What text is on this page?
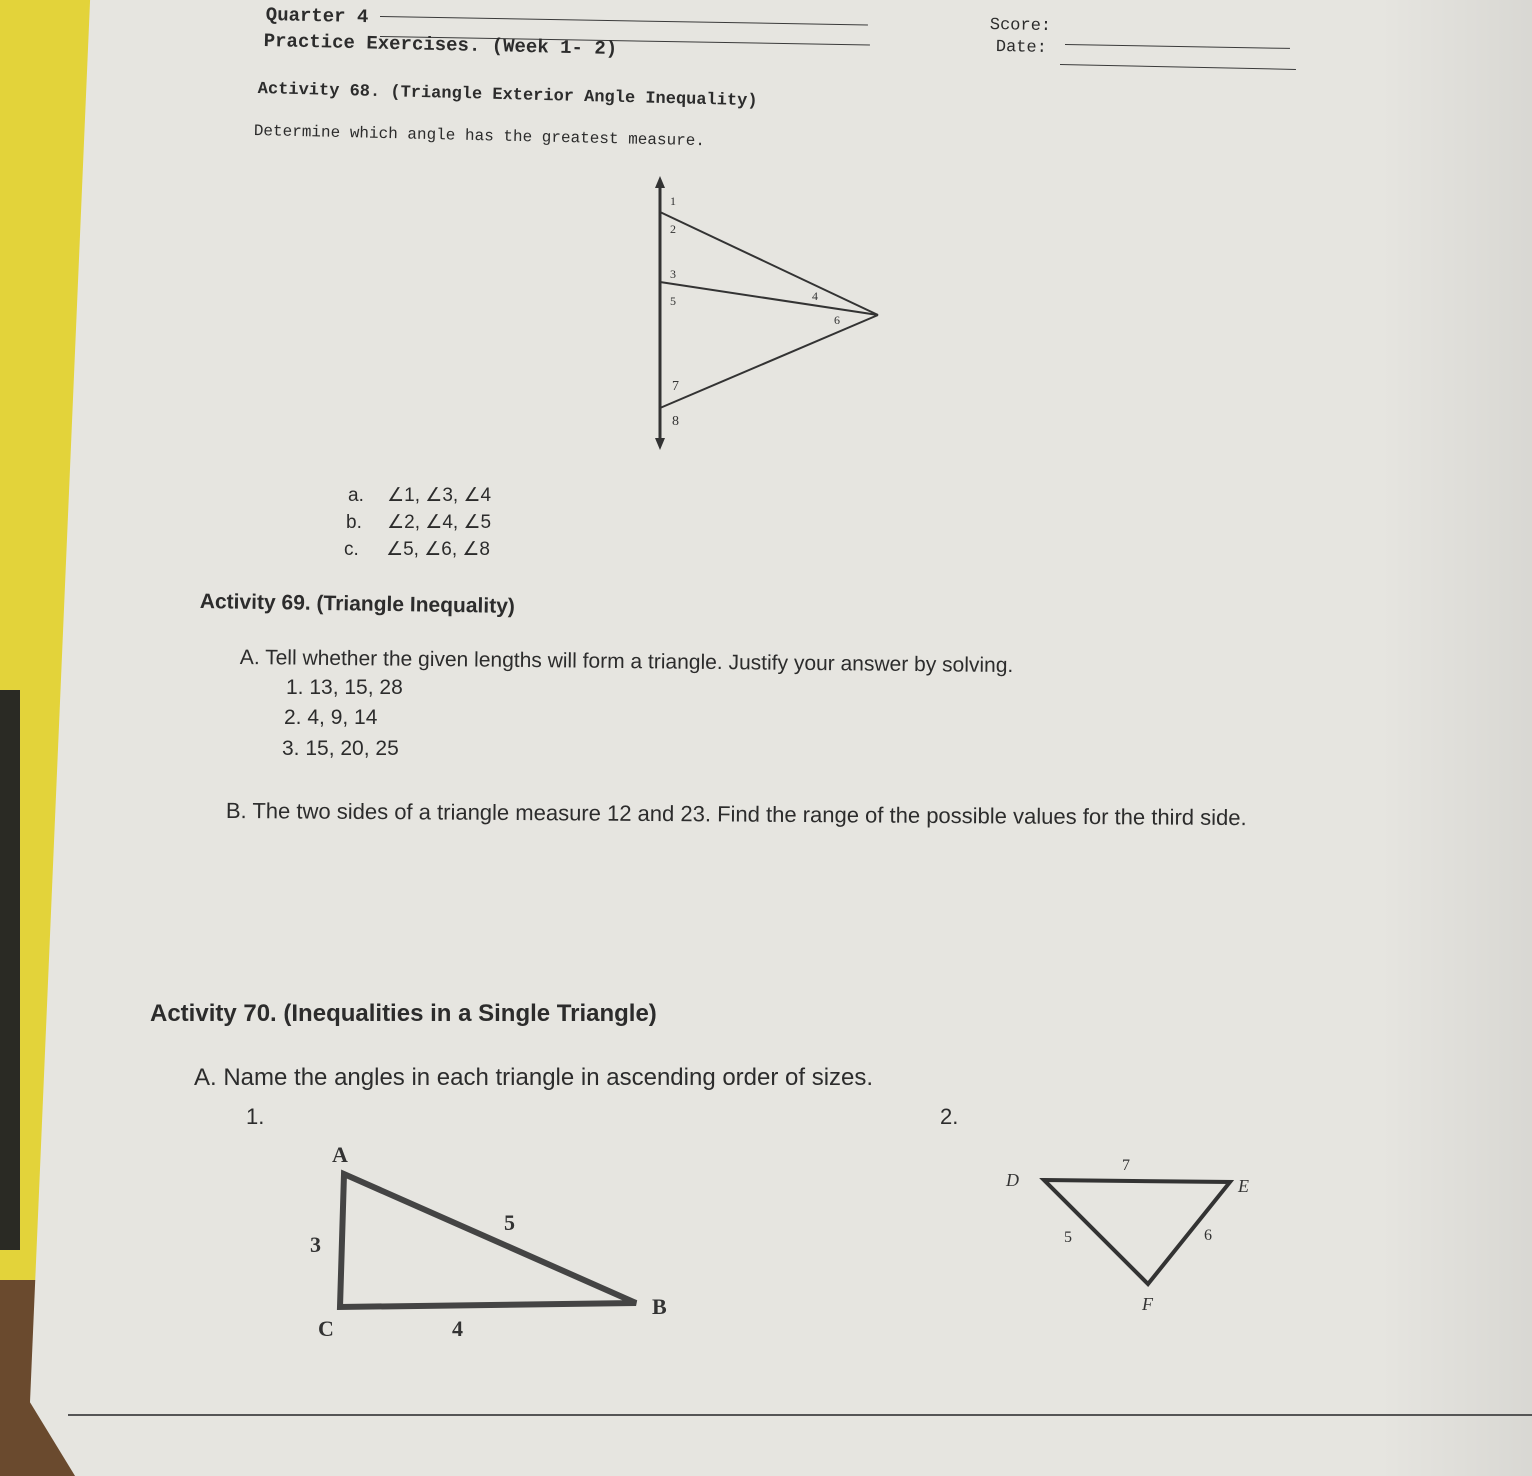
Quarter 4
Practice Exercises. (Week 1- 2)
Score:
Date:
Activity 68. (Triangle Exterior Angle Inequality)
Determine which angle has the greatest measure.
1
2
3
5	4
6
7
8
a. ∠1, ∠3, ∠4
b. ∠2, ∠4, ∠5
c. ∠5, ∠6, ∠8
Activity 69. (Triangle Inequality)
A. Tell whether the given lengths will form a triangle. Justify your answer by solving.
1. 13, 15, 28
2. 4, 9, 14
3. 15, 20, 25
B. The two sides of a triangle measure 12 and 23. Find the range of the possible values for the third side.
Activity 70. (Inequalities in a Single Triangle)
A. Name the angles in each triangle in ascending order of sizes.
1.	2.
A
C
B
3
5
4
D	E
F
7
5	6
